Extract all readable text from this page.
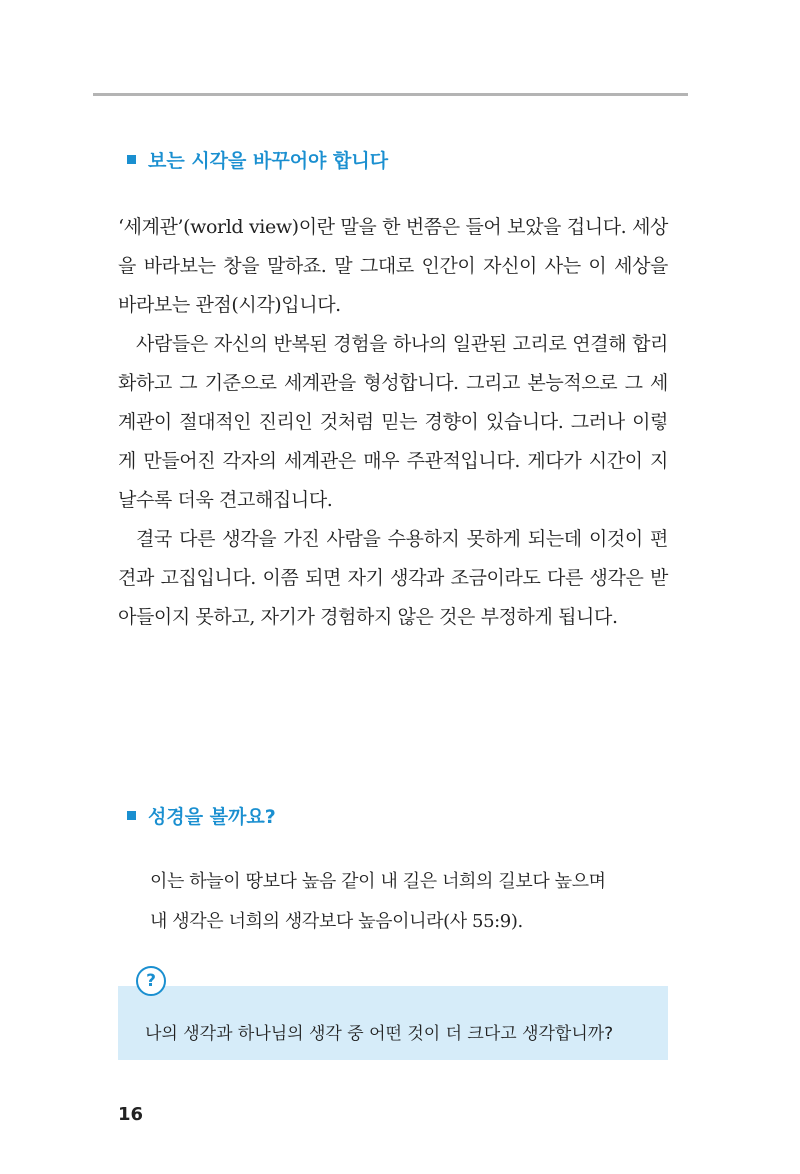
보는 시각을 바꾸어야 합니다

‘세계관’(world view)이란 말을 한 번쯤은 들어 보았을 겁니다. 세상을 바라보는 창을 말하죠. 말 그대로 인간이 자신이 사는 이 세상을 바라보는 관점(시각)입니다.

사람들은 자신의 반복된 경험을 하나의 일관된 고리로 연결해 합리화하고 그 기준으로 세계관을 형성합니다. 그리고 본능적으로 그 세계관이 절대적인 진리인 것처럼 믿는 경향이 있습니다. 그러나 이렇게 만들어진 각자의 세계관은 매우 주관적입니다. 게다가 시간이 지날수록 더욱 견고해집니다.

결국 다른 생각을 가진 사람을 수용하지 못하게 되는데 이것이 편견과 고집입니다. 이쯤 되면 자기 생각과 조금이라도 다른 생각은 받아들이지 못하고, 자기가 경험하지 않은 것은 부정하게 됩니다.

성경을 볼까요?
이는 하늘이 땅보다 높음 같이 내 길은 너희의 길보다 높으며
내 생각은 너희의 생각보다 높음이니라(사 55:9).
?
나의 생각과 하나님의 생각 중 어떤 것이 더 크다고 생각합니까?
16
